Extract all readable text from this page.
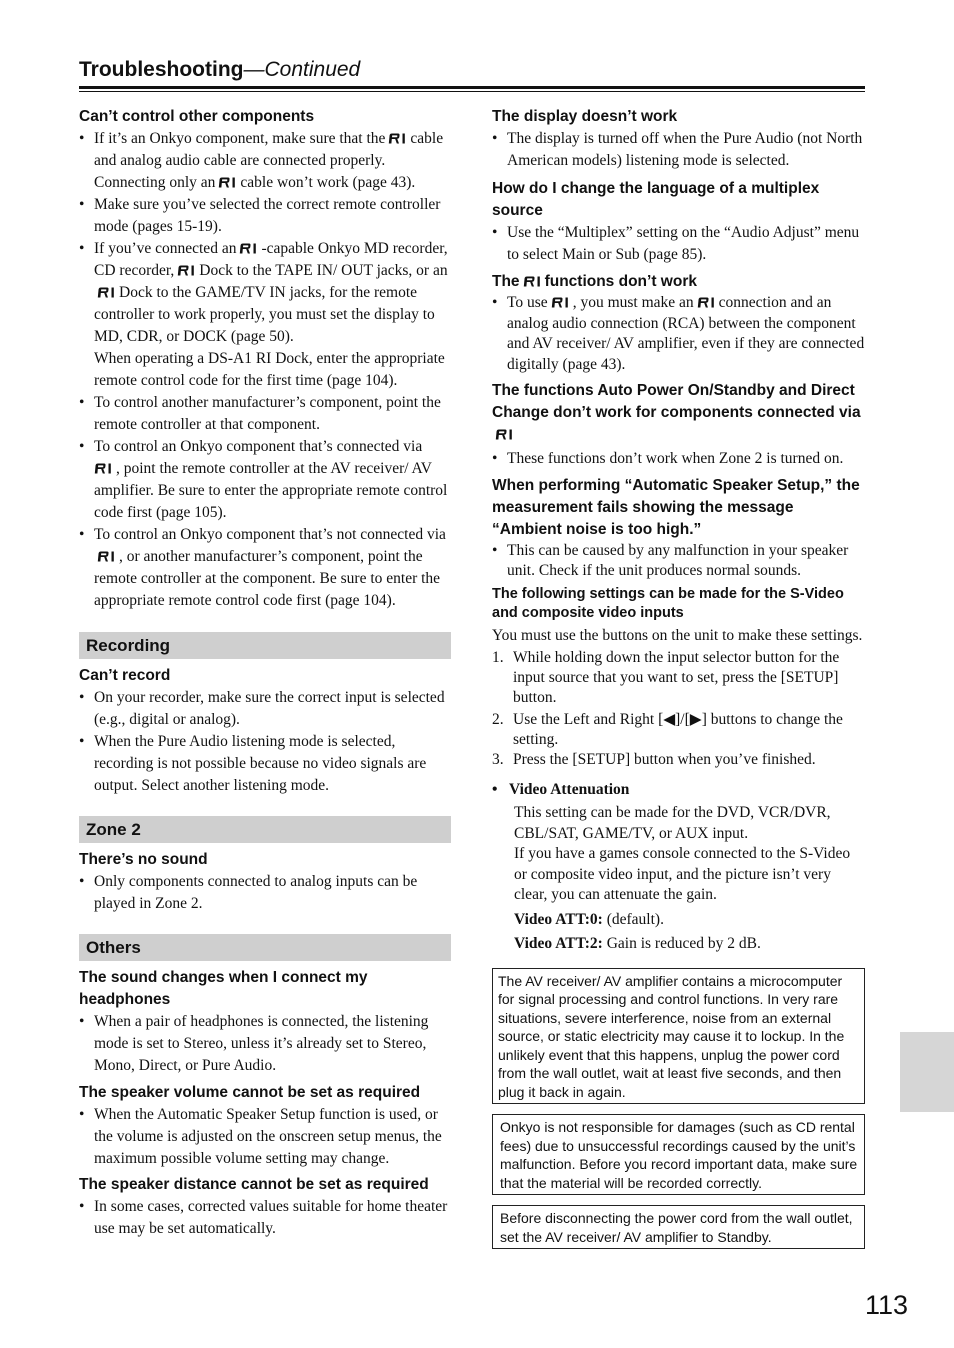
Troubleshooting—Continued

Can’t control other components

• If it’s an Onkyo component, make sure that the cable and analog audio cable are connected properly. Connecting only an cable won’t work (page 43).
• Make sure you’ve selected the correct remote controller mode (pages 15-19).
• If you’ve connected an -capable Onkyo MD recorder, CD recorder, Dock to the TAPE IN/ OUT jacks, or anDock to the GAME/TV IN jacks, for the remote controller to work properly, you must set the display to MD, CDR, or DOCK (page 50).
When operating a DS-A1 RI Dock, enter the appropriate remote control code for the first time (page 104).
• To control another manufacturer’s component, point the remote controller at that component.
• To control an Onkyo component that’s connected via
, point the remote controller at the AV receiver/ AV amplifier. Be sure to enter the appropriate remote control code first (page 105).
• To control an Onkyo component that’s not connected via, or another manufacturer’s component, point the remote controller at the component. Be sure to enter the appropriate remote control code first (page 104).
Recording

Can’t record

• On your recorder, make sure the correct input is selected (e.g., digital or analog).
• When the Pure Audio listening mode is selected, recording is not possible because no video signals are output. Select another listening mode.
Zone 2

There’s no sound

• Only components connected to analog inputs can be played in Zone 2.
Others

The sound changes when I connect my headphones

• When a pair of headphones is connected, the listening mode is set to Stereo, unless it’s already set to Stereo, Mono, Direct, or Pure Audio.

The speaker volume cannot be set as required

• When the Automatic Speaker Setup function is used, or the volume is adjusted on the onscreen setup menus, the maximum possible volume setting may change.

The speaker distance cannot be set as required

• In some cases, corrected values suitable for home theater use may be set automatically.

The display doesn’t work

• The display is turned off when the Pure Audio (not North American models) listening mode is selected.

How do I change the language of a multiplex source

• Use the “Multiplex” setting on the “Audio Adjust” menu to select Main or Sub (page 85).

The functions don’t work

• To use , you must make an connection and an analog audio connection (RCA) between the component and AV receiver/ AV amplifier, even if they are connected digitally (page 43).

The functions Auto Power On/Standby and Direct Change don’t work for components connected via

• These functions don’t work when Zone 2 is turned on.

When performing “Automatic Speaker Setup,” the measurement fails showing the message “Ambient noise is too high.”

• This can be caused by any malfunction in your speaker unit. Check if the unit produces normal sounds.

The following settings can be made for the S-Video and composite video inputs

You must use the buttons on the unit to make these settings.

1. While holding down the input selector button for the input source that you want to set, press the [SETUP] button.
2. Use the Left and Right [◀]/[▶] buttons to change the setting.
3. Press the [SETUP] button when you’ve finished.

• Video Attenuation

This setting can be made for the DVD, VCR/DVR, CBL/SAT, GAME/TV, or AUX input.

If you have a games console connected to the S-Video or composite video input, and the picture isn’t very clear, you can attenuate the gain.

Video ATT:0: (default).

Video ATT:2: Gain is reduced by 2 dB.

The AV receiver/ AV amplifier contains a microcomputer for signal processing and control functions. In very rare situations, severe interference, noise from an external source, or static electricity may cause it to lockup. In the unlikely event that this happens, unplug the power cord from the wall outlet, wait at least five seconds, and then plug it back in again.
Onkyo is not responsible for damages (such as CD rental fees) due to unsuccessful recordings caused by the unit’s malfunction. Before you record important data, make sure that the material will be recorded correctly.
Before disconnecting the power cord from the wall outlet, set the AV receiver/ AV amplifier to Standby.
113
